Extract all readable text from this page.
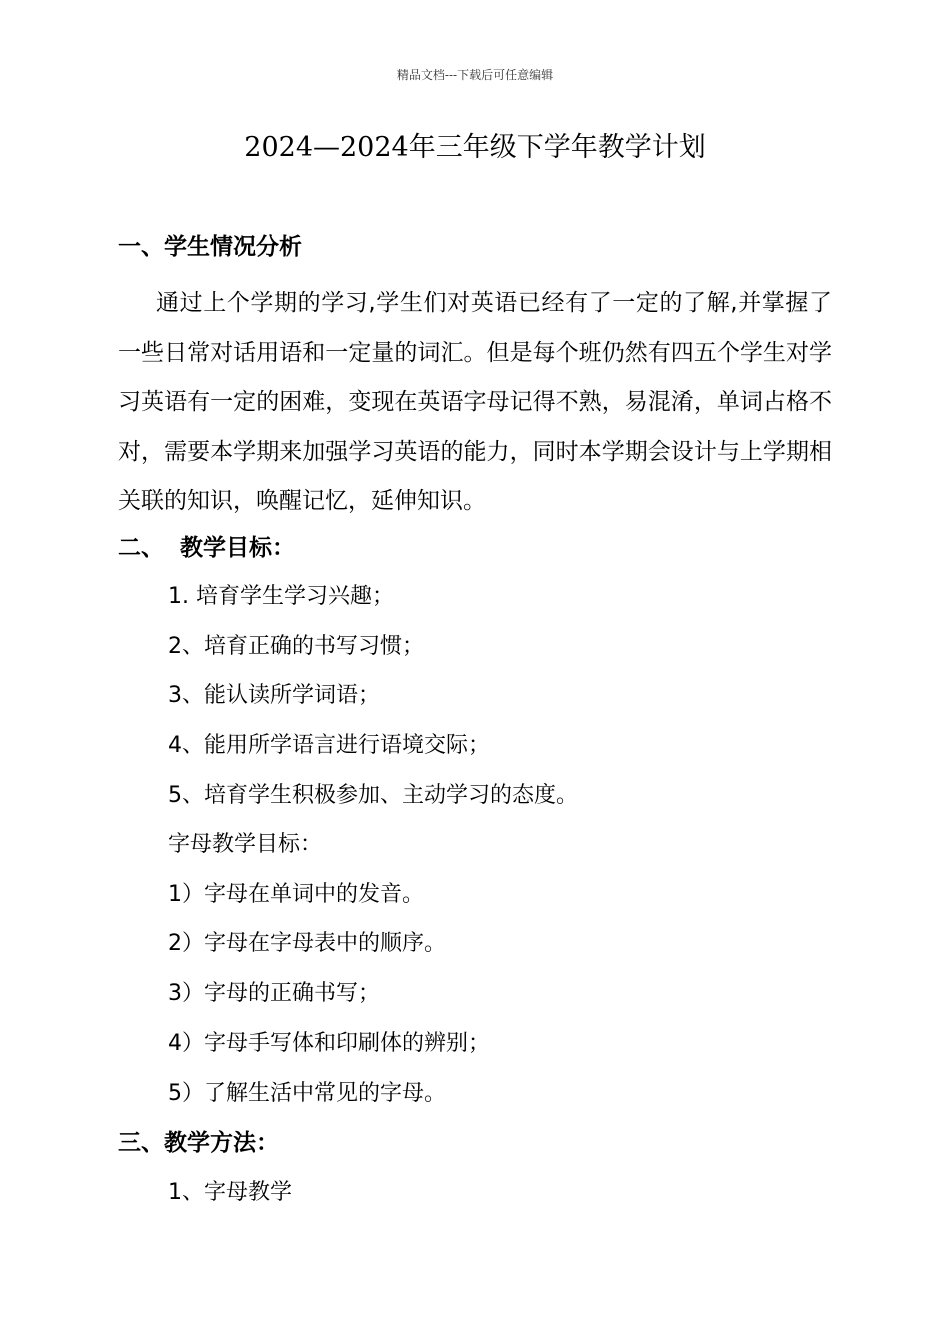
精品文档---下载后可任意编辑
2024—2024年三年级下学年教学计划
一、学生情况分析

通过上个学期的学习,学生们对英语已经有了一定的了解,并掌握了一些日常对话用语和一定量的词汇。但是每个班仍然有四五个学生对学习英语有一定的困难，变现在英语字母记得不熟，易混淆，单词占格不对，需要本学期来加强学习英语的能力，同时本学期会设计与上学期相关联的知识，唤醒记忆，延伸知识。

二、  教学目标：
1. 培育学生学习兴趣；
2、培育正确的书写习惯；
3、能认读所学词语；
4、能用所学语言进行语境交际；
5、培育学生积极参加、主动学习的态度。
字母教学目标：
1）字母在单词中的发音。
2）字母在字母表中的顺序。
3）字母的正确书写；
4）字母手写体和印刷体的辨别；
5）了解生活中常见的字母。
三、教学方法：
1、字母教学
